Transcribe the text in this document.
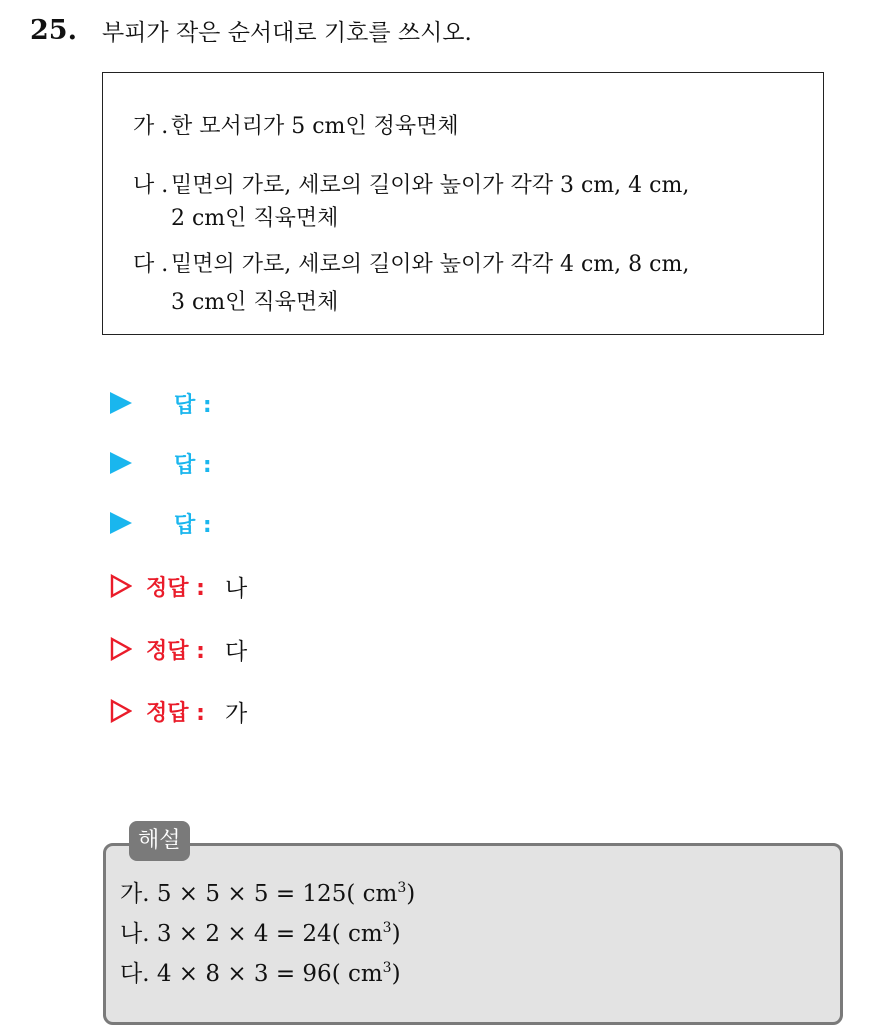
25.	부피가 작은 순서대로 기호를 쓰시오.
가 . 한 모서리가 5 cm인 정육면체
나 . 밑면의 가로, 세로의 길이와 높이가 각각 3 cm, 4 cm,
2 cm인 직육면체
다 . 밑면의 가로, 세로의 길이와 높이가 각각 4 cm, 8 cm,
3 cm인 직육면체
답 :
답 :
답 :
정답 : 나
정답 : 다
정답 : 가
해설
가. 5 × 5 × 5 = 125( $cm^3$)
나. 3 × 2 × 4 = 24( $cm^3$)
다. 4 × 8 × 3 = 96( $cm^3$)
